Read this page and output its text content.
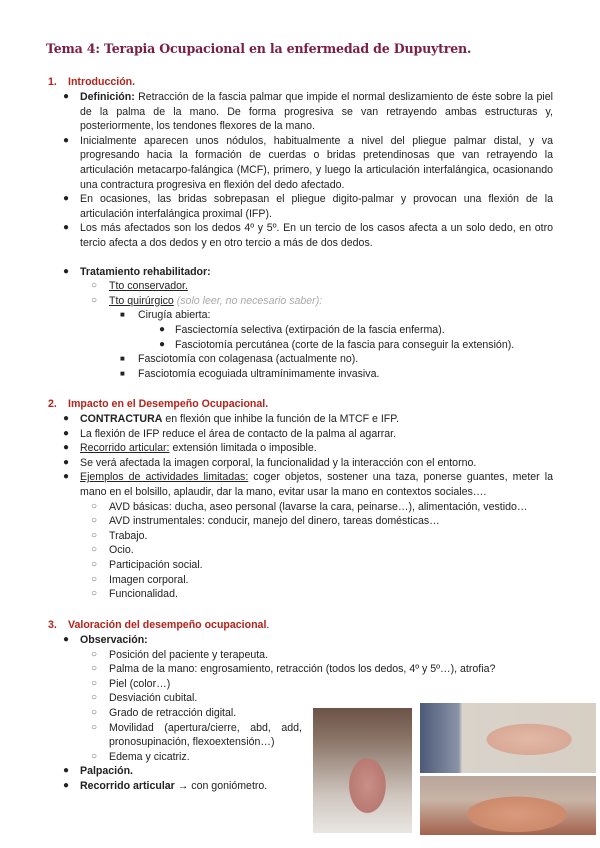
Tema 4: Terapia Ocupacional en la enfermedad de Dupuytren.
1. Introducción.
● Definición: Retracción de la fascia palmar que impide el normal deslizamiento de éste sobre la piel de la palma de la mano. De forma progresiva se van retrayendo ambas estructuras y, posteriormente, los tendones flexores de la mano.
● Inicialmente aparecen unos nódulos, habitualmente a nivel del pliegue palmar distal, y va progresando hacia la formación de cuerdas o bridas pretendinosas que van retrayendo la articulación metacarpo-falángica (MCF), primero, y luego la articulación interfalángica, ocasionando una contractura progresiva en flexión del dedo afectado.
● En ocasiones, las bridas sobrepasan el pliegue digito-palmar y provocan una flexión de la articulación interfalángica proximal (IFP).
● Los más afectados son los dedos 4º y 5º. En un tercio de los casos afecta a un solo dedo, en otro tercio afecta a dos dedos y en otro tercio a más de dos dedos.
● Tratamiento rehabilitador:
○ Tto conservador.
○ Tto quirúrgico (solo leer, no necesario saber):
■ Cirugía abierta:
● Fasciectomía selectiva (extirpación de la fascia enferma).
● Fasciotomía percutánea (corte de la fascia para conseguir la extensión).
■ Fasciotomía con colagenasa (actualmente no).
■ Fasciotomía ecoguiada ultramínimamente invasiva.
2. Impacto en el Desempeño Ocupacional.
● CONTRACTURA en flexión que inhibe la función de la MTCF e IFP.
● La flexión de IFP reduce el área de contacto de la palma al agarrar.
● Recorrido articular: extensión limitada o imposible.
● Se verá afectada la imagen corporal, la funcionalidad y la interacción con el entorno.
● Ejemplos de actividades limitadas: coger objetos, sostener una taza, ponerse guantes, meter la mano en el bolsillo, aplaudir, dar la mano, evitar usar la mano en contextos sociales….
○ AVD básicas: ducha, aseo personal (lavarse la cara, peinarse…), alimentación, vestido…
○ AVD instrumentales: conducir, manejo del dinero, tareas domésticas…
○ Trabajo.
○ Ocio.
○ Participación social.
○ Imagen corporal.
○ Funcionalidad.
3. Valoración del desempeño ocupacional.
● Observación:
○ Posición del paciente y terapeuta.
○ Palma de la mano: engrosamiento, retracción (todos los dedos, 4º y 5º…), atrofia?
○ Piel (color…)
○ Desviación cubital.
○ Grado de retracción digital.
○ Movilidad (apertura/cierre, abd, add, pronosupinación, flexoextensión…)
○ Edema y cicatriz.
● Palpación.
● Recorrido articular → con goniómetro.
